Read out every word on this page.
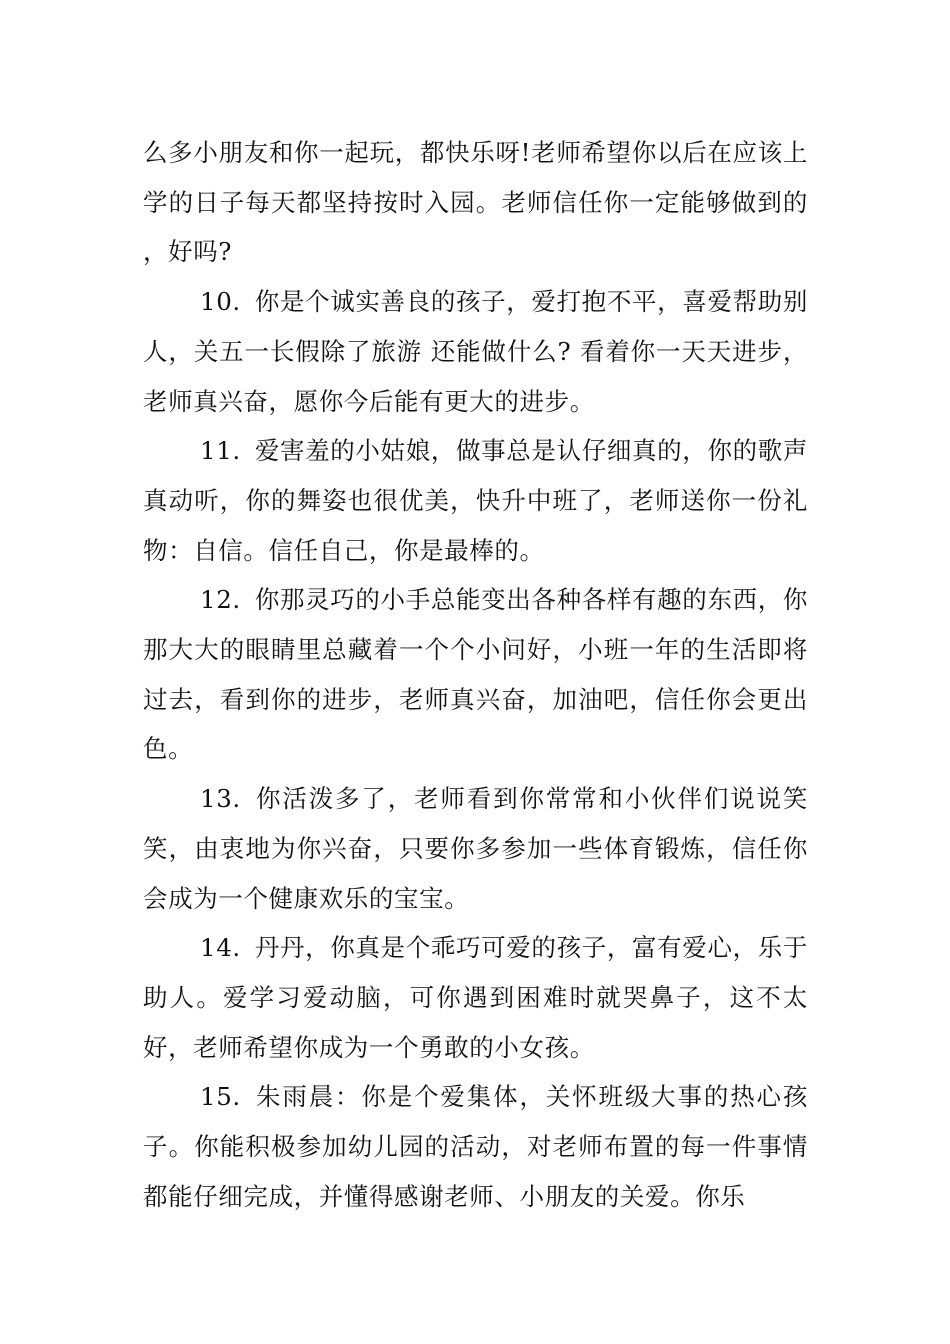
么多小朋友和你一起玩，都快乐呀!老师希望你以后在应该上学的日子每天都坚持按时入园。老师信任你一定能够做到的 ，好吗?

10. 你是个诚实善良的孩子，爱打抱不平，喜爱帮助别人，关五一长假除了旅游 还能做什么? 看着你一天天进步，老师真兴奋，愿你今后能有更大的进步。

11. 爱害羞的小姑娘，做事总是认仔细真的，你的歌声真动听，你的舞姿也很优美，快升中班了，老师送你一份礼物：自信。信任自己，你是最棒的。

12. 你那灵巧的小手总能变出各种各样有趣的东西，你那大大的眼睛里总藏着一个个小问好，小班一年的生活即将过去，看到你的进步，老师真兴奋，加油吧，信任你会更出色。

13. 你活泼多了，老师看到你常常和小伙伴们说说笑笑，由衷地为你兴奋，只要你多参加一些体育锻炼，信任你会成为一个健康欢乐的宝宝。

14. 丹丹，你真是个乖巧可爱的孩子，富有爱心，乐于助人。爱学习爱动脑，可你遇到困难时就哭鼻子，这不太好，老师希望你成为一个勇敢的小女孩。

15. 朱雨晨：你是个爱集体，关怀班级大事的热心孩子。你能积极参加幼儿园的活动，对老师布置的每一件事情都能仔细完成，并懂得感谢老师、小朋友的关爱。你乐
